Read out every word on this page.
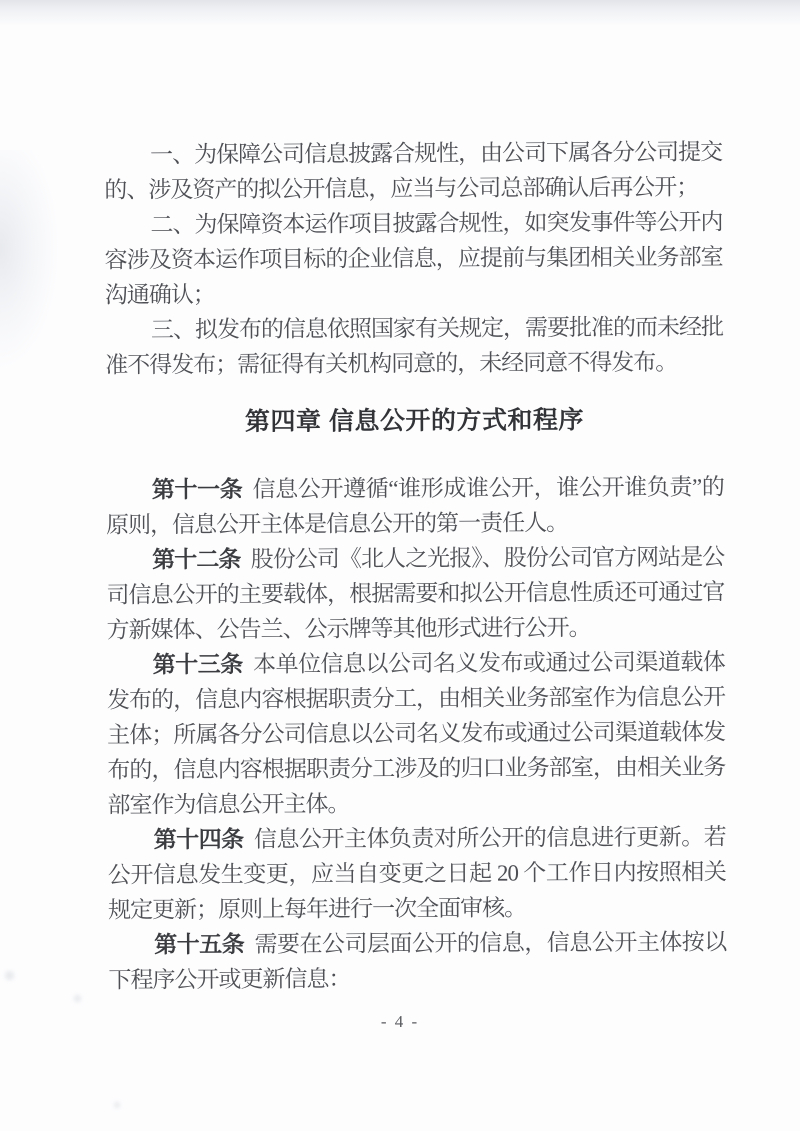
一、为保障公司信息披露合规性，由公司下属各分公司提交的、涉及资产的拟公开信息，应当与公司总部确认后再公开；

二、为保障资本运作项目披露合规性，如突发事件等公开内容涉及资本运作项目标的企业信息，应提前与集团相关业务部室沟通确认；

三、拟发布的信息依照国家有关规定，需要批准的而未经批准不得发布；需征得有关机构同意的，未经同意不得发布。

第四章 信息公开的方式和程序

第十一条 信息公开遵循“谁形成谁公开，谁公开谁负责”的原则，信息公开主体是信息公开的第一责任人。

第十二条 股份公司《北人之光报》、股份公司官方网站是公司信息公开的主要载体，根据需要和拟公开信息性质还可通过官方新媒体、公告兰、公示牌等其他形式进行公开。

第十三条 本单位信息以公司名义发布或通过公司渠道载体发布的，信息内容根据职责分工，由相关业务部室作为信息公开主体；所属各分公司信息以公司名义发布或通过公司渠道载体发布的，信息内容根据职责分工涉及的归口业务部室，由相关业务部室作为信息公开主体。

第十四条 信息公开主体负责对所公开的信息进行更新。若公开信息发生变更，应当自变更之日起 20 个工作日内按照相关规定更新；原则上每年进行一次全面审核。

第十五条 需要在公司层面公开的信息，信息公开主体按以下程序公开或更新信息：

- 4 -
